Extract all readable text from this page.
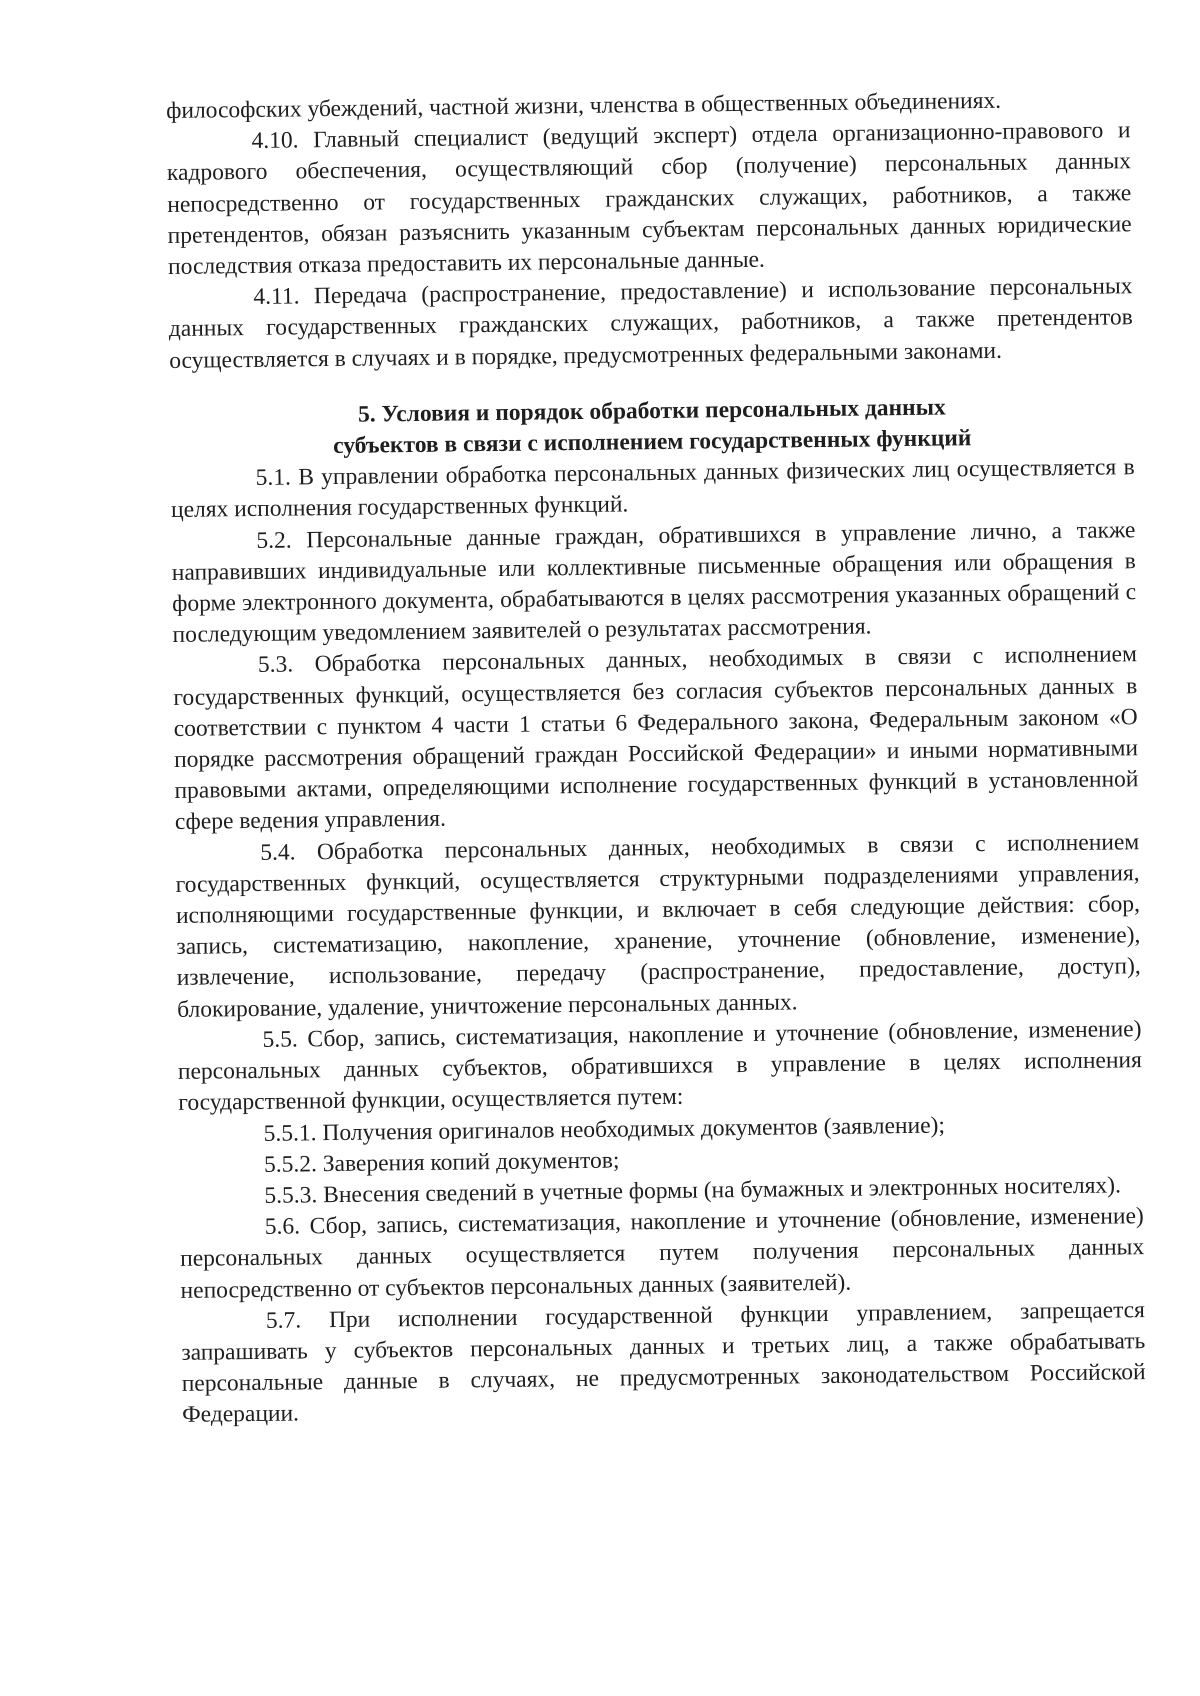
философских убеждений, частной жизни, членства в общественных объединениях.

4.10. Главный специалист (ведущий эксперт) отдела организационно-правового и кадрового обеспечения, осуществляющий сбор (получение) персональных данных непосредственно от государственных гражданских служащих, работников, а также претендентов, обязан разъяснить указанным субъектам персональных данных юридические последствия отказа предоставить их персональные данные.

4.11. Передача (распространение, предоставление) и использование персональных данных государственных гражданских служащих, работников, а также претендентов осуществляется в случаях и в порядке, предусмотренных федеральными законами.

5. Условия и порядок обработки персональных данных
субъектов в связи с исполнением государственных функций

5.1. В управлении обработка персональных данных физических лиц осуществляется в целях исполнения государственных функций.

5.2. Персональные данные граждан, обратившихся в управление лично, а также направивших индивидуальные или коллективные письменные обращения или обращения в форме электронного документа, обрабатываются в целях рассмотрения указанных обращений с последующим уведомлением заявителей о результатах рассмотрения.

5.3. Обработка персональных данных, необходимых в связи с исполнением государственных функций, осуществляется без согласия субъектов персональных данных в соответствии с пунктом 4 части 1 статьи 6 Федерального закона, Федеральным законом «О порядке рассмотрения обращений граждан Российской Федерации» и иными нормативными правовыми актами, определяющими исполнение государственных функций в установленной сфере ведения управления.

5.4. Обработка персональных данных, необходимых в связи с исполнением государственных функций, осуществляется структурными подразделениями управления, исполняющими государственные функции, и включает в себя следующие действия: сбор, запись, систематизацию, накопление, хранение, уточнение (обновление, изменение), извлечение, использование, передачу (распространение, предоставление, доступ), блокирование, удаление, уничтожение персональных данных.

5.5. Сбор, запись, систематизация, накопление и уточнение (обновление, изменение) персональных данных субъектов, обратившихся в управление в целях исполнения государственной функции, осуществляется путем:

5.5.1. Получения оригиналов необходимых документов (заявление);

5.5.2. Заверения копий документов;

5.5.3. Внесения сведений в учетные формы (на бумажных и электронных носителях).

5.6. Сбор, запись, систематизация, накопление и уточнение (обновление, изменение) персональных данных осуществляется путем получения персональных данных непосредственно от субъектов персональных данных (заявителей).

5.7. При исполнении государственной функции управлением, запрещается запрашивать у субъектов персональных данных и третьих лиц, а также обрабатывать персональные данные в случаях, не предусмотренных законодательством Российской Федерации.
